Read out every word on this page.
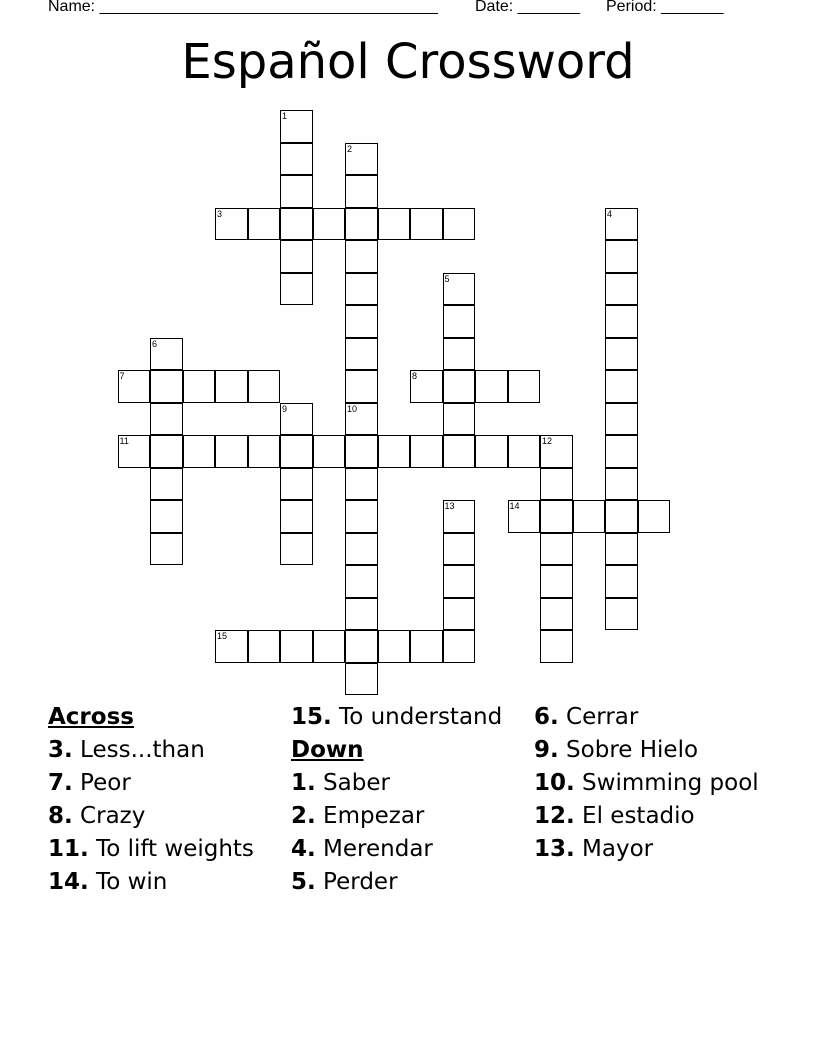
Name: ______________________________________ Date: _______ Period: _______
Español Crossword
1
2
3	4
5
6
7	8
9	10
11	12
13	14
15
Across
3. Less...than
7. Peor
8. Crazy
11. To lift weights
14. To win
15. To understand
Down
1. Saber
2. Empezar
4. Merendar
5. Perder
6. Cerrar
9. Sobre Hielo
10. Swimming pool
12. El estadio
13. Mayor
